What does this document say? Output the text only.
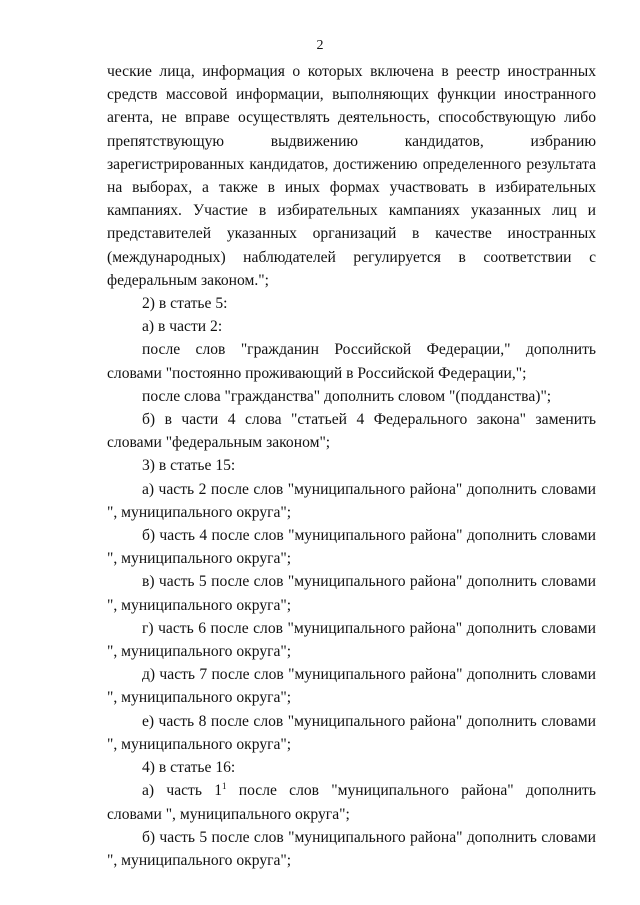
2

ческие лица, информация о которых включена в реестр иностранных средств массовой информации, выполняющих функции иностранного агента, не вправе осуществлять деятельность, способствующую либо препятствующую выдвижению кандидатов, избранию зарегистрированных кандидатов, достижению определенного результата на выборах, а также в иных формах участвовать в избирательных кампаниях. Участие в избирательных кампаниях указанных лиц и представителей указанных организаций в качестве иностранных (международных) наблюдателей регулируется в соответствии с федеральным законом.";

2) в статье 5:

а) в части 2:

после слов "гражданин Российской Федерации," дополнить словами "постоянно проживающий в Российской Федерации,";

после слова "гражданства" дополнить словом "(подданства)";

б) в части 4 слова "статьей 4 Федерального закона" заменить словами "федеральным законом";

3) в статье 15:

а) часть 2 после слов "муниципального района" дополнить словами ", муниципального округа";

б) часть 4 после слов "муниципального района" дополнить словами ", муниципального округа";

в) часть 5 после слов "муниципального района" дополнить словами ", муниципального округа";

г) часть 6 после слов "муниципального района" дополнить словами ", муниципального округа";

д) часть 7 после слов "муниципального района" дополнить словами ", муниципального округа";

е) часть 8 после слов "муниципального района" дополнить словами ", муниципального округа";

4) в статье 16:

а) часть $1^1$ после слов "муниципального района" дополнить словами ", муниципального округа";

б) часть 5 после слов "муниципального района" дополнить словами ", муниципального округа";
